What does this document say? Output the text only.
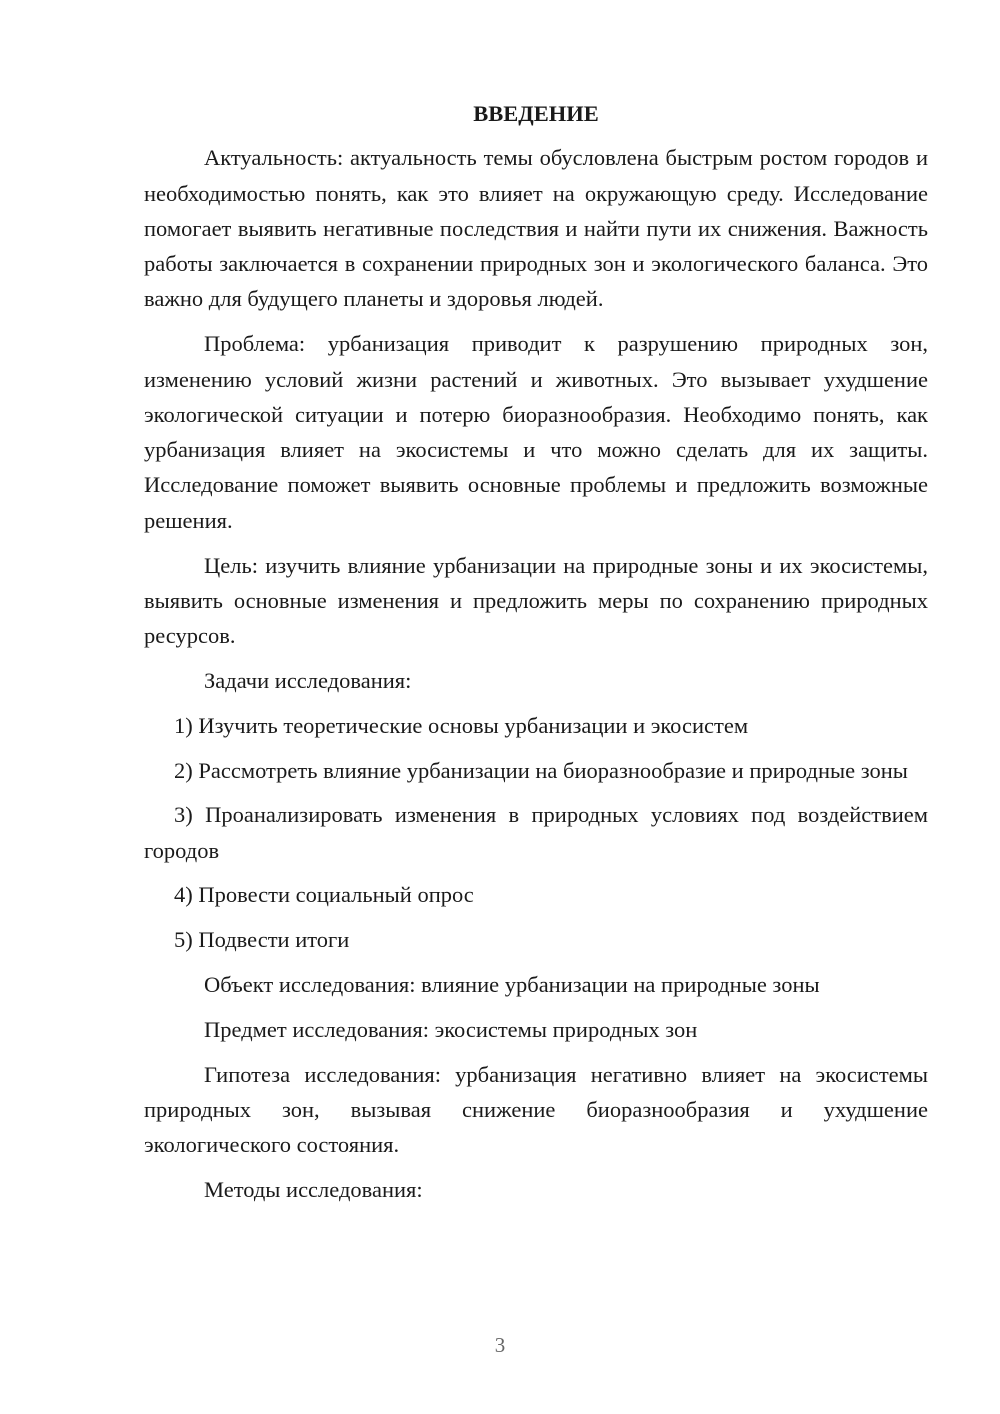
ВВЕДЕНИЕ

Актуальность: актуальность темы обусловлена быстрым ростом городов и необходимостью понять, как это влияет на окружающую среду. Исследование помогает выявить негативные последствия и найти пути их снижения. Важность работы заключается в сохранении природных зон и экологического баланса. Это важно для будущего планеты и здоровья людей.

Проблема: урбанизация приводит к разрушению природных зон, изменению условий жизни растений и животных. Это вызывает ухудшение экологической ситуации и потерю биоразнообразия. Необходимо понять, как урбанизация влияет на экосистемы и что можно сделать для их защиты. Исследование поможет выявить основные проблемы и предложить возможные решения.

Цель: изучить влияние урбанизации на природные зоны и их экосистемы, выявить основные изменения и предложить меры по сохранению природных ресурсов.

Задачи исследования:

1) Изучить теоретические основы урбанизации и экосистем

2) Рассмотреть влияние урбанизации на биоразнообразие и природные зоны

3) Проанализировать изменения в природных условиях под воздействием городов

4) Провести социальный опрос

5) Подвести итоги

Объект исследования: влияние урбанизации на природные зоны

Предмет исследования: экосистемы природных зон

Гипотеза исследования: урбанизация негативно влияет на экосистемы природных зон, вызывая снижение биоразнообразия и ухудшение экологического состояния.

Методы исследования:

3
